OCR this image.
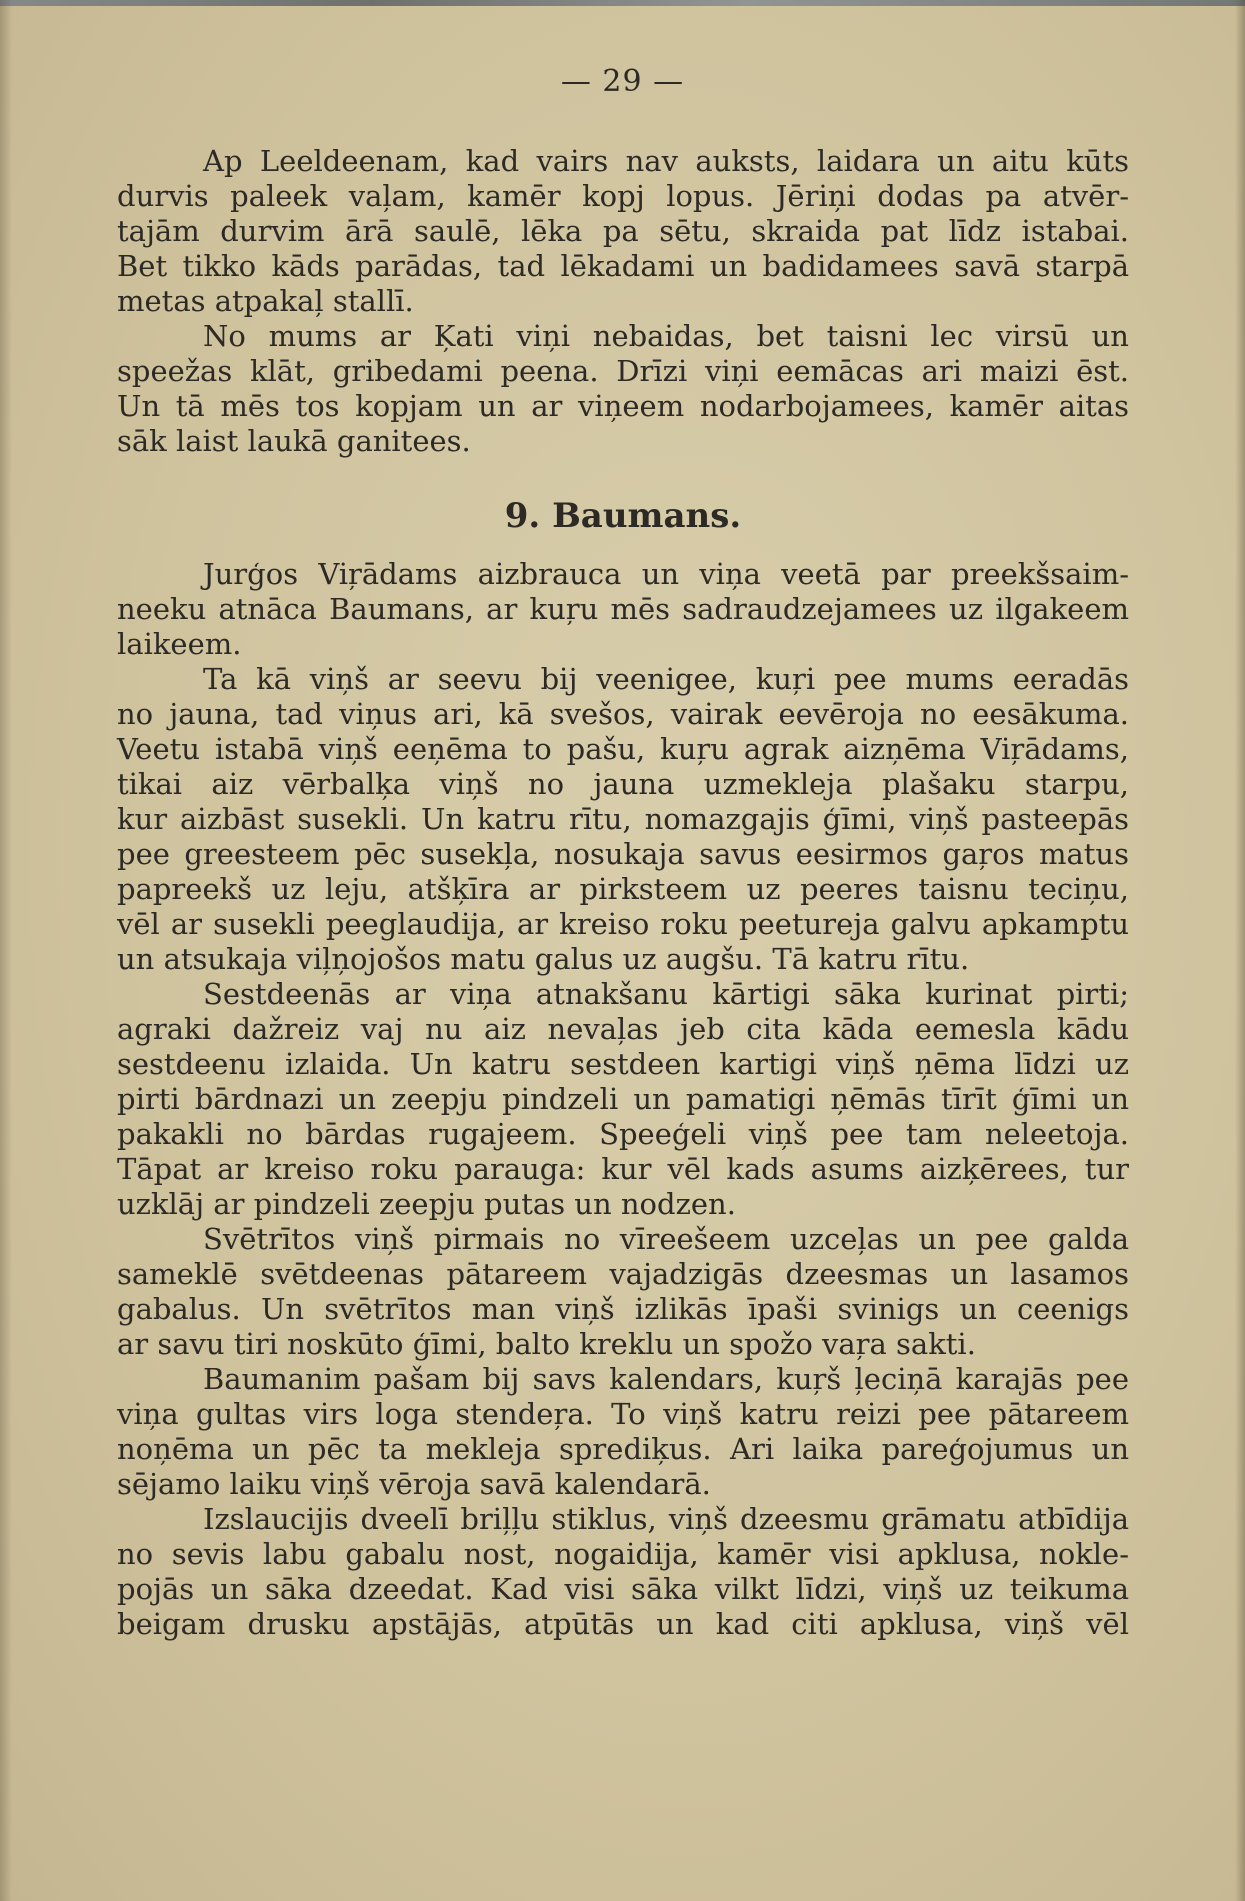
— 29 —
Ap Leeldeenam, kad vairs nav auksts, laidara un aitu kūts
durvis paleek vaļam, kamēr kopj lopus. Jēriņi dodas pa atvēr-
tajām durvim ārā saulē, lēka pa sētu, skraida pat līdz istabai.
Bet tikko kāds parādas, tad lēkadami un badidamees savā starpā
metas atpakaļ stallī.
No mums ar Ķati viņi nebaidas, bet taisni lec virsū un
speežas klāt, gribedami peena. Drīzi viņi eemācas ari maizi ēst.
Un tā mēs tos kopjam un ar viņeem nodarbojamees, kamēr aitas
sāk laist laukā ganitees.
9. Baumans.
Jurģos Viŗādams aizbrauca un viņa veetā par preekšsaim-
neeku atnāca Baumans, ar kuŗu mēs sadraudzejamees uz ilgakeem
laikeem.
Ta kā viņš ar seevu bij veenigee, kuŗi pee mums eeradās
no jauna, tad viņus ari, kā svešos, vairak eevēroja no eesākuma.
Veetu istabā viņš eeņēma to pašu, kuŗu agrak aizņēma Viŗādams,
tikai aiz vērbalķa viņš no jauna uzmekleja plašaku starpu,
kur aizbāst susekli. Un katru rītu, nomazgajis ģīmi, viņš pasteepās
pee greesteem pēc susekļa, nosukaja savus eesirmos gaŗos matus
papreekš uz leju, atšķīra ar pirksteem uz peeres taisnu teciņu,
vēl ar susekli peeglaudija, ar kreiso roku peetureja galvu apkamptu
un atsukaja viļņojošos matu galus uz augšu. Tā katru rītu.
Sestdeenās ar viņa atnakšanu kārtigi sāka kurinat pirti;
agraki dažreiz vaj nu aiz nevaļas jeb cita kāda eemesla kādu
sestdeenu izlaida. Un katru sestdeen kartigi viņš ņēma līdzi uz
pirti bārdnazi un zeepju pindzeli un pamatigi ņēmās tīrīt ģīmi un
pakakli no bārdas rugajeem. Speeģeli viņš pee tam neleetoja.
Tāpat ar kreiso roku parauga: kur vēl kads asums aizķērees, tur
uzklāj ar pindzeli zeepju putas un nodzen.
Svētrītos viņš pirmais no vīreešeem uzceļas un pee galda
sameklē svētdeenas pātareem vajadzigās dzeesmas un lasamos
gabalus. Un svētrītos man viņš izlikās īpaši svinigs un ceenigs
ar savu tiri noskūto ģīmi, balto kreklu un spožo vaŗa sakti.
Baumanim pašam bij savs kalendars, kuŗš ļeciņā karajās pee
viņa gultas virs loga stendeŗa. To viņš katru reizi pee pātareem
noņēma un pēc ta mekleja sprediķus. Ari laika pareģojumus un
sējamo laiku viņš vēroja savā kalendarā.
Izslaucijis dveelī briļļu stiklus, viņš dzeesmu grāmatu atbīdija
no sevis labu gabalu nost, nogaidija, kamēr visi apklusa, nokle-
pojās un sāka dzeedat. Kad visi sāka vilkt līdzi, viņš uz teikuma
beigam drusku apstājās, atpūtās un kad citi apklusa, viņš vēl
